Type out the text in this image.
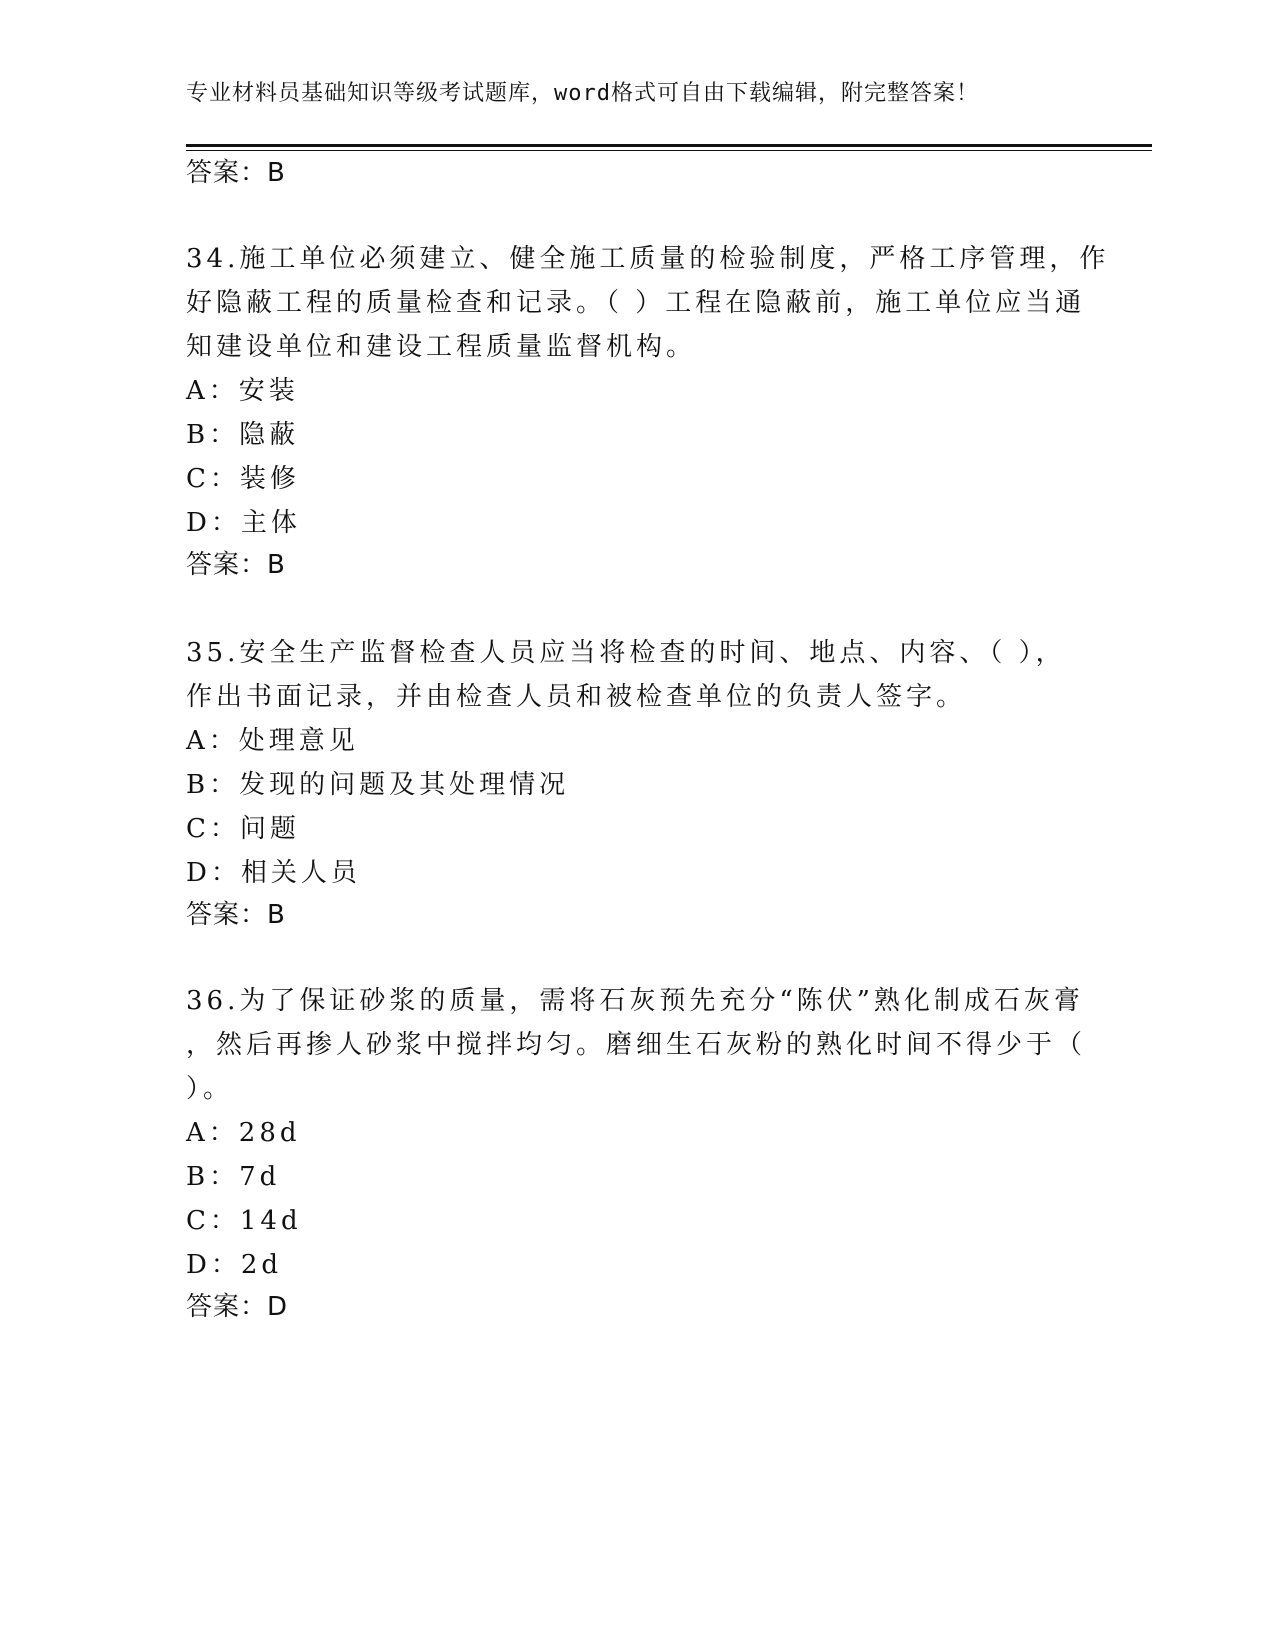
专业材料员基础知识等级考试题库，word格式可自由下载编辑，附完整答案！
答案：B
34.施工单位必须建立、健全施工质量的检验制度，严格工序管理，作
好隐蔽工程的质量检查和记录。（ ）工程在隐蔽前，施工单位应当通
知建设单位和建设工程质量监督机构。
A：安装
B：隐蔽
C：装修
D：主体
答案：B
35.安全生产监督检查人员应当将检查的时间、地点、内容、（ ），
作出书面记录，并由检查人员和被检查单位的负责人签字。
A：处理意见
B：发现的问题及其处理情况
C：问题
D：相关人员
答案：B
36.为了保证砂浆的质量，需将石灰预先充分“陈伏”熟化制成石灰膏
，然后再掺人砂浆中搅拌均匀。磨细生石灰粉的熟化时间不得少于（
）。
A：28d
B：7d
C：14d
D：2d
答案：D
